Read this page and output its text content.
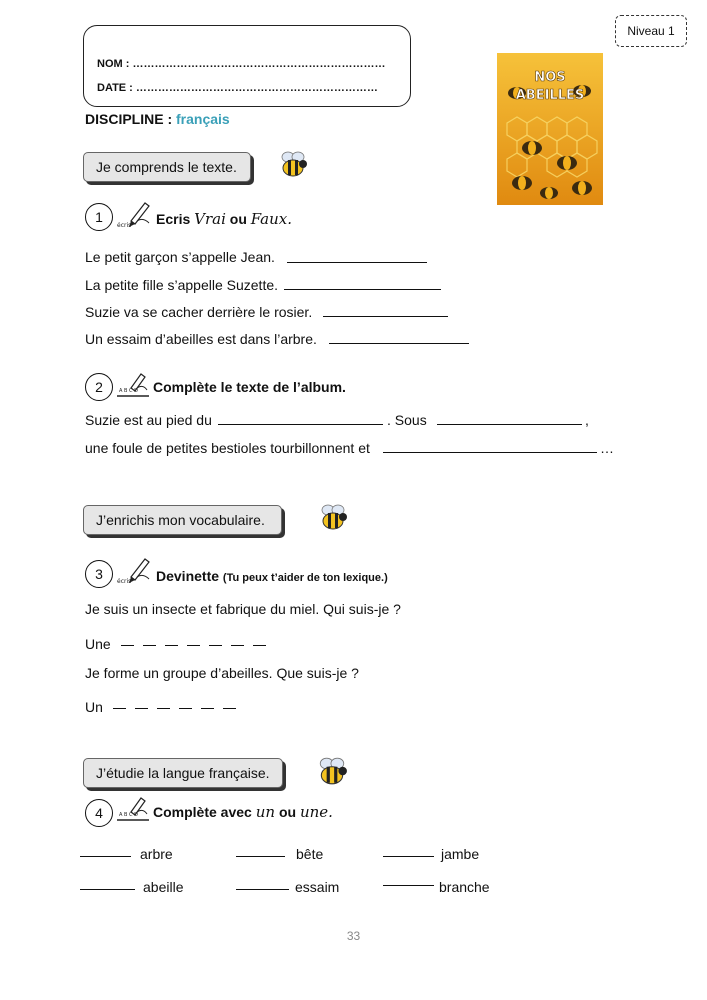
Niveau 1
NOM : ……………………………………………………………
DATE : …………………………………………………………
DISCIPLINE : français
NOS
ABEILLES
Je comprends le texte.
1
écris Ecris Vrai ou Faux.
Le petit garçon s’appelle Jean.
La petite fille s’appelle Suzette.
Suzie va se cacher derrière le rosier.
Un essaim d’abeilles est dans l’arbre.
2	A B C D Complète le texte de l’album.
Suzie est au pied du	. Sous	,
une foule de petites bestioles tourbillonnent et	…
J’enrichis mon vocabulaire.
3 écris Devinette (Tu peux t’aider de ton lexique.)
Je suis un insecte et fabrique du miel. Qui suis-je ?
Une
Je forme un groupe d’abeilles. Que suis-je ?
Un
J’étudie la langue française.
4	A B C D Complète avec un ou une.
arbre	bête	jambe
abeille	essaim	branche
33
